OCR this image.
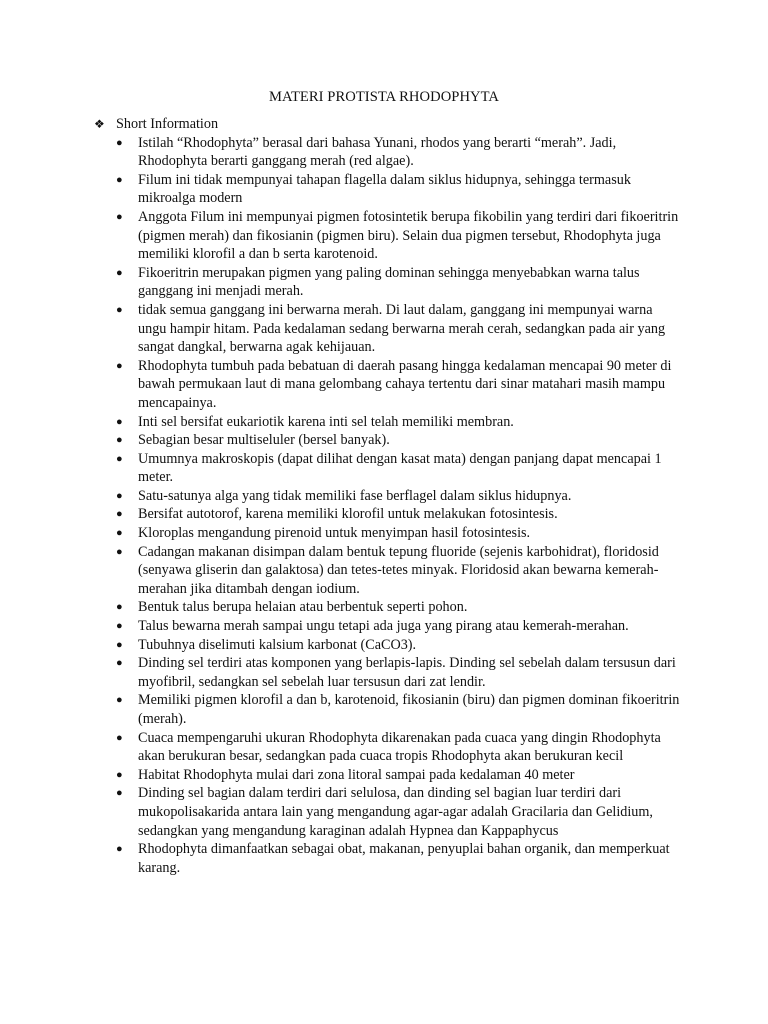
MATERI PROTISTA RHODOPHYTA
❖ Short Information
●	Istilah “Rhodophyta” berasal dari bahasa Yunani, rhodos yang berarti “merah”. Jadi, Rhodophyta berarti ganggang merah (red algae).
●	Filum ini tidak mempunyai tahapan flagella dalam siklus hidupnya, sehingga termasuk mikroalga modern
●	Anggota Filum ini mempunyai pigmen fotosintetik berupa fikobilin yang terdiri dari fikoeritrin (pigmen merah) dan fikosianin (pigmen biru). Selain dua pigmen tersebut, Rhodophyta juga memiliki klorofil a dan b serta karotenoid.
●	Fikoeritrin merupakan pigmen yang paling dominan sehingga menyebabkan warna talus ganggang ini menjadi merah.
●	tidak semua ganggang ini berwarna merah. Di laut dalam, ganggang ini mempunyai warna ungu hampir hitam. Pada kedalaman sedang berwarna merah cerah, sedangkan pada air yang sangat dangkal, berwarna agak kehijauan.
●	Rhodophyta tumbuh pada bebatuan di daerah pasang hingga kedalaman mencapai 90 meter di bawah permukaan laut di mana gelombang cahaya tertentu dari sinar matahari masih mampu mencapainya.
●	Inti sel bersifat eukariotik karena inti sel telah memiliki membran.
●	Sebagian besar multiseluler (bersel banyak).
●	Umumnya makroskopis (dapat dilihat dengan kasat mata) dengan panjang dapat mencapai 1 meter.
●	Satu-satunya alga yang tidak memiliki fase berflagel dalam siklus hidupnya.
●	Bersifat autotorof, karena memiliki klorofil untuk melakukan fotosintesis.
●	Kloroplas mengandung pirenoid untuk menyimpan hasil fotosintesis.
●	Cadangan makanan disimpan dalam bentuk tepung fluoride (sejenis karbohidrat), floridosid (senyawa gliserin dan galaktosa) dan tetes-tetes minyak. Floridosid akan bewarna kemerah-merahan jika ditambah dengan iodium.
●	Bentuk talus berupa helaian atau berbentuk seperti pohon.
●	Talus bewarna merah sampai ungu tetapi ada juga yang pirang atau kemerah-merahan.
●	Tubuhnya diselimuti kalsium karbonat (CaCO3).
●	Dinding sel terdiri atas komponen yang berlapis-lapis. Dinding sel sebelah dalam tersusun dari myofibril, sedangkan sel sebelah luar tersusun dari zat lendir.
●	Memiliki pigmen klorofil a dan b, karotenoid, fikosianin (biru) dan pigmen dominan fikoeritrin (merah).
●	Cuaca mempengaruhi ukuran Rhodophyta dikarenakan pada cuaca yang dingin Rhodophyta akan berukuran besar, sedangkan pada cuaca tropis Rhodophyta akan berukuran kecil
●	Habitat Rhodophyta mulai dari zona litoral sampai pada kedalaman 40 meter
●	Dinding sel bagian dalam terdiri dari selulosa, dan dinding sel bagian luar terdiri dari mukopolisakarida antara lain yang mengandung agar-agar adalah Gracilaria dan Gelidium, sedangkan yang mengandung karaginan adalah Hypnea dan Kappaphycus
●	Rhodophyta dimanfaatkan sebagai obat, makanan, penyuplai bahan organik, dan memperkuat karang.
